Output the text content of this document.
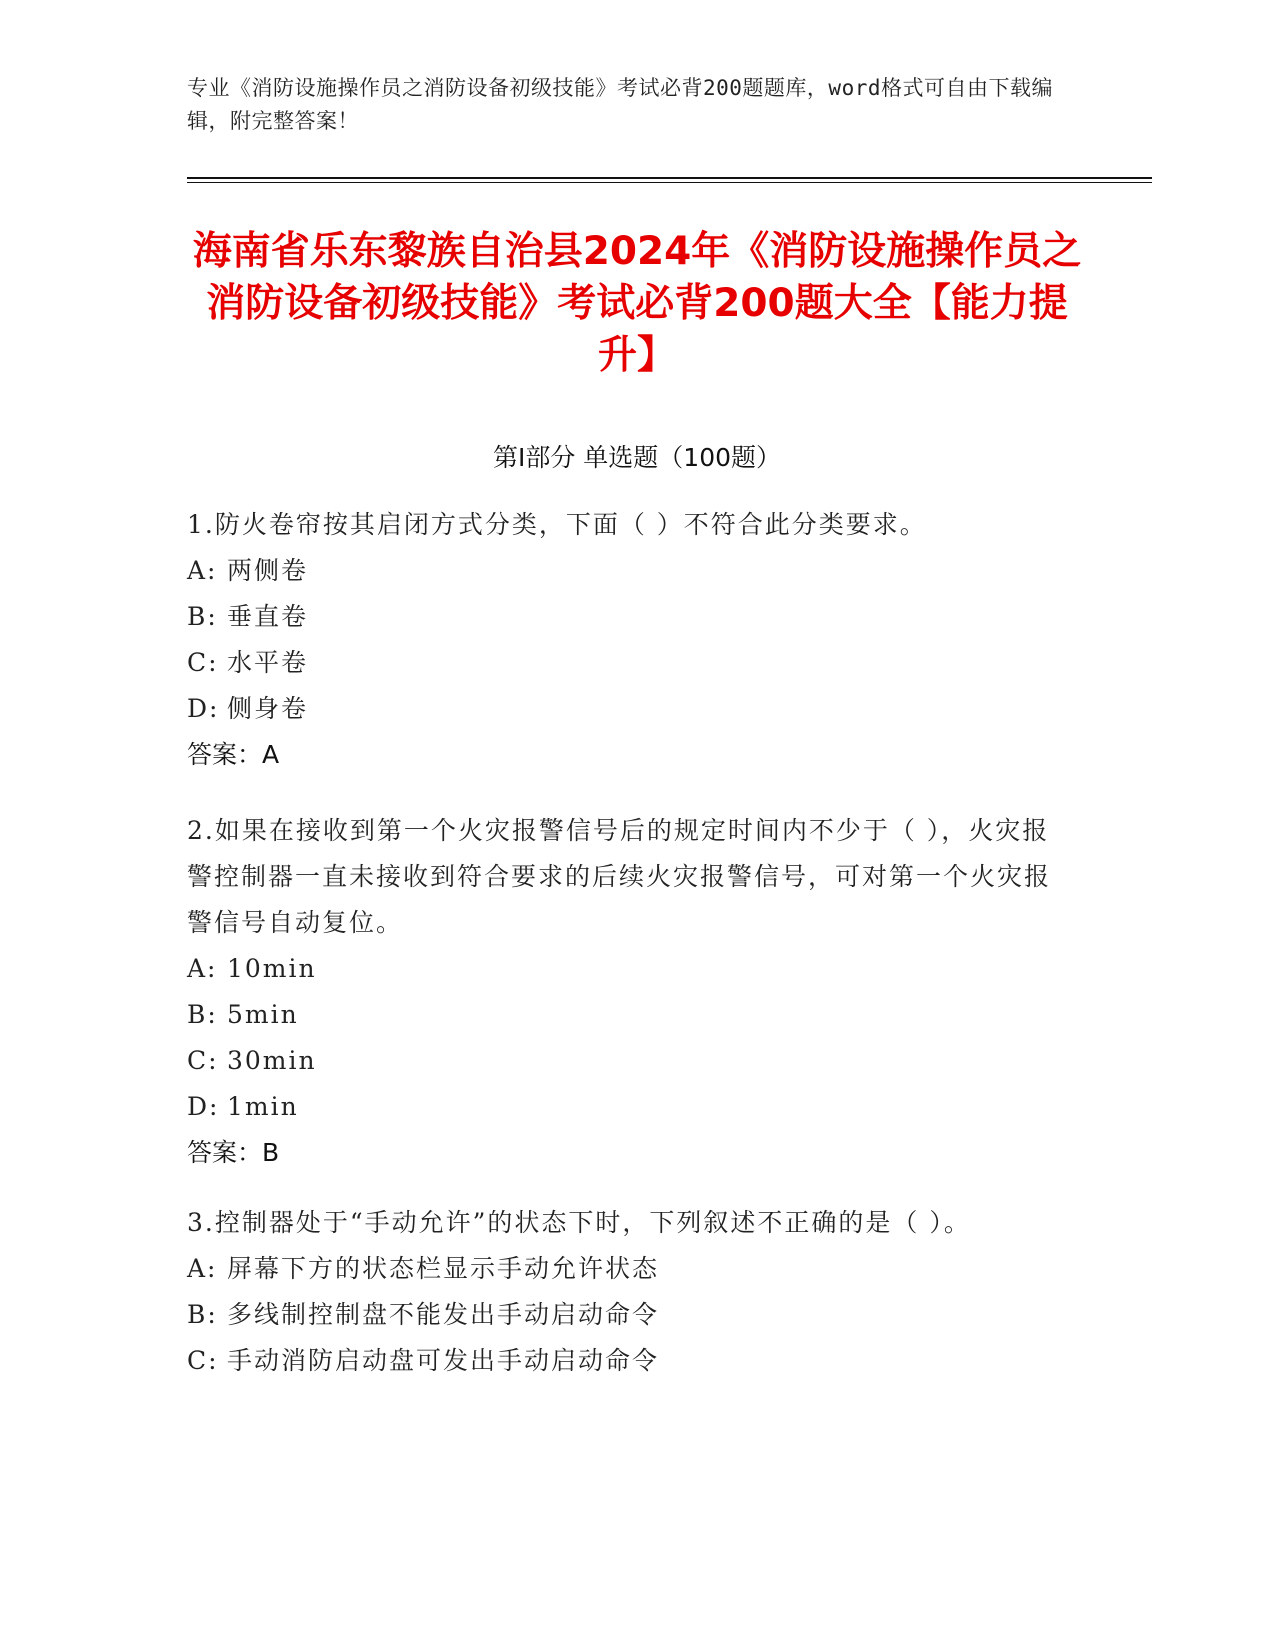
专业《消防设施操作员之消防设备初级技能》考试必背200题题库，word格式可自由下载编辑，附完整答案！
海南省乐东黎族自治县2024年《消防设施操作员之消防设备初级技能》考试必背200题大全【能力提升】
第Ⅰ部分 单选题（100题）
1.防火卷帘按其启闭方式分类，下面（ ）不符合此分类要求。
A: 两侧卷
B: 垂直卷
C: 水平卷
D: 侧身卷
答案：A
2.如果在接收到第一个火灾报警信号后的规定时间内不少于（ ），火灾报警控制器一直未接收到符合要求的后续火灾报警信号，可对第一个火灾报警信号自动复位。
A: 10min
B: 5min
C: 30min
D: 1min
答案：B
3.控制器处于“手动允许”的状态下时，下列叙述不正确的是（ ）。
A: 屏幕下方的状态栏显示手动允许状态
B: 多线制控制盘不能发出手动启动命令
C: 手动消防启动盘可发出手动启动命令
